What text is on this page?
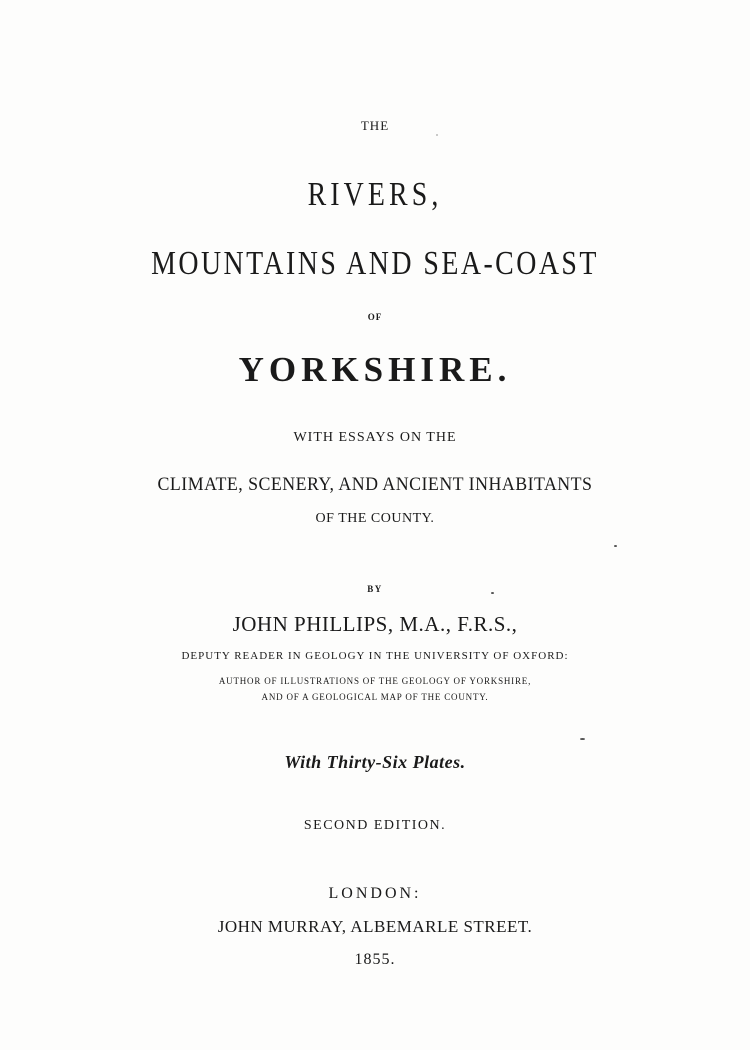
THE
RIVERS,
MOUNTAINS AND SEA-COAST
OF
YORKSHIRE.
WITH ESSAYS ON THE
CLIMATE, SCENERY, AND ANCIENT INHABITANTS
OF THE COUNTY.
BY
JOHN PHILLIPS, M.A., F.R.S.,
DEPUTY READER IN GEOLOGY IN THE UNIVERSITY OF OXFORD:
AUTHOR OF ILLUSTRATIONS OF THE GEOLOGY OF YORKSHIRE,
AND OF A GEOLOGICAL MAP OF THE COUNTY.
With Thirty-Six Plates.
SECOND EDITION.
LONDON:
JOHN MURRAY, ALBEMARLE STREET.
1855.
